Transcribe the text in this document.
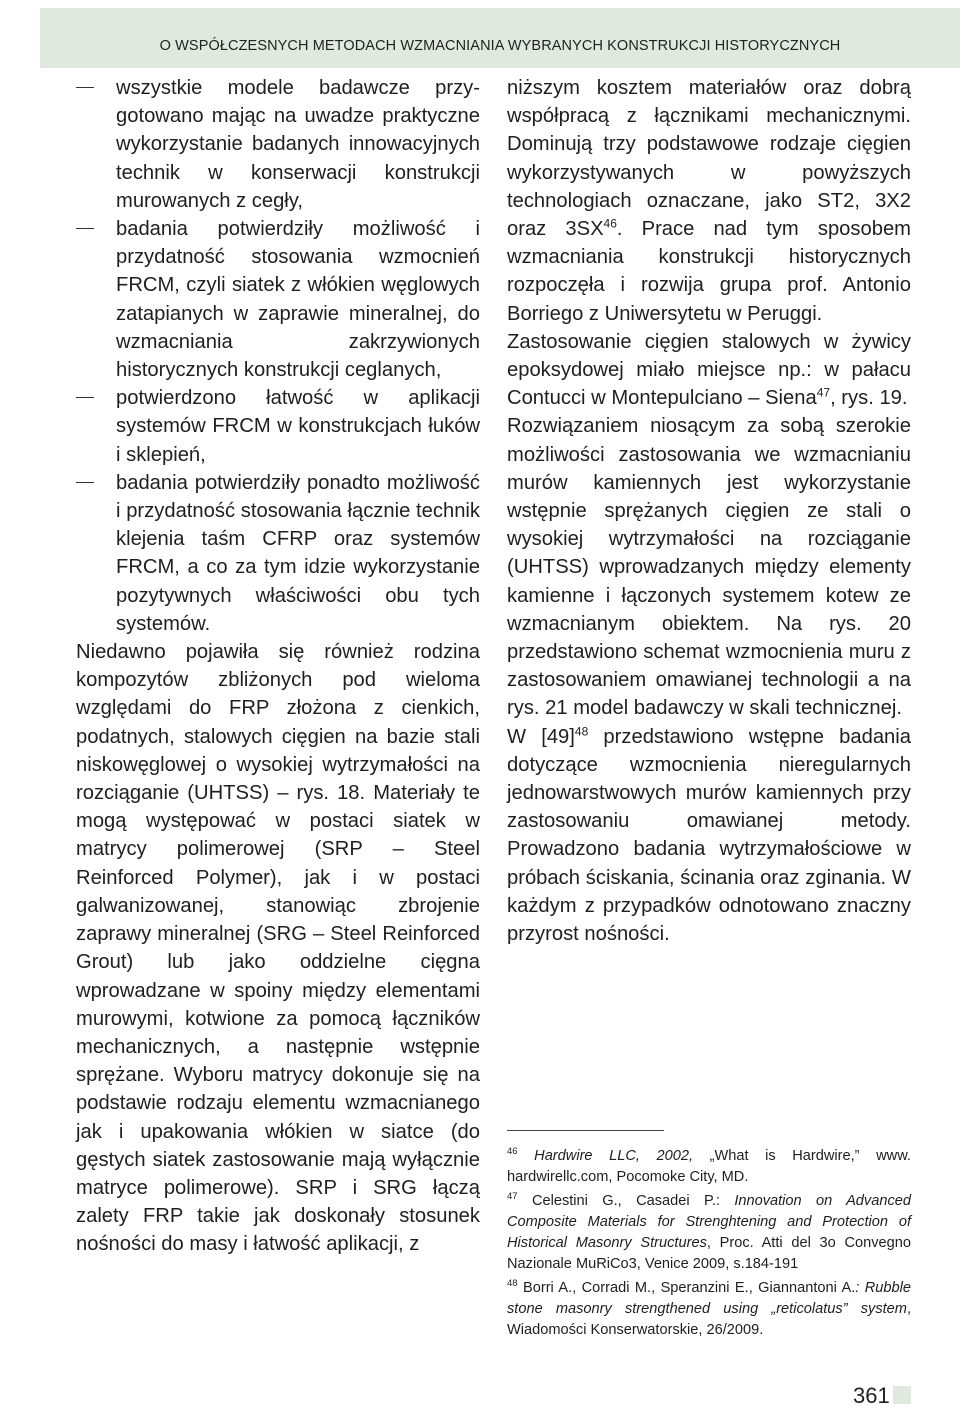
O WSPÓŁCZESNYCH METODACH WZMACNIANIA WYBRANYCH KONSTRUKCJI HISTORYCZNYCH
wszystkie modele badawcze przygotowano mając na uwadze praktyczne wykorzystanie badanych innowacyjnych technik w konserwacji konstrukcji murowanych z cegły,
badania potwierdziły możliwość i przydatność stosowania wzmocnień FRCM, czyli siatek z włókien węglowych zatapianych w zaprawie mineralnej, do wzmacniania zakrzywionych historycznych konstrukcji ceglanych,
potwierdzono łatwość w aplikacji systemów FRCM w konstrukcjach łuków i sklepień,
badania potwierdziły ponadto możliwość i przydatność stosowania łącznie technik klejenia taśm CFRP oraz systemów FRCM, a co za tym idzie wykorzystanie pozytywnych właściwości obu tych systemów.

Niedawno pojawiła się również rodzina kompozytów zbliżonych pod wieloma względami do FRP złożona z cienkich, podatnych, stalowych cięgien na bazie stali niskowęglowej o wysokiej wytrzymałości na rozciąganie (UHTSS) – rys. 18. Materiały te mogą występować w postaci siatek w matrycy polimerowej (SRP – Steel Reinforced Polymer), jak i w postaci galwanizowanej, stanowiąc zbrojenie zaprawy mineralnej (SRG – Steel Reinforced Grout) lub jako oddzielne cięgna wprowadzane w spoiny między elementami murowymi, kotwione za pomocą łączników mechanicznych, a następnie wstępnie sprężane. Wyboru matrycy dokonuje się na podstawie rodzaju elementu wzmacnianego jak i upakowania włókien w siatce (do gęstych siatek zastosowanie mają wyłącznie matryce polimerowe). SRP i SRG łączą zalety FRP takie jak doskonały stosunek nośności do masy i łatwość aplikacji, z

niższym kosztem materiałów oraz dobrą współpracą z łącznikami mechanicznymi. Dominują trzy podstawowe rodzaje cięgien wykorzystywanych w powyższych technologiach oznaczane, jako ST2, 3X2 oraz 3SX$^{46}$. Prace nad tym sposobem wzmacniania konstrukcji historycznych rozpoczęła i rozwija grupa prof. Antonio Borriego z Uniwersytetu w Peruggi.

Zastosowanie cięgien stalowych w żywicy epoksydowej miało miejsce np.: w pałacu Contucci w Montepulciano – Siena$^{47}$, rys. 19.

Rozwiązaniem niosącym za sobą szerokie możliwości zastosowania we wzmacnianiu murów kamiennych jest wykorzystanie wstępnie sprężanych cięgien ze stali o wysokiej wytrzymałości na rozciąganie (UHTSS) wprowadzanych między elementy kamienne i łączonych systemem kotew ze wzmacnianym obiektem. Na rys. 20 przedstawiono schemat wzmocnienia muru z zastosowaniem omawianej technologii a na rys. 21 model badawczy w skali technicznej.

W $[49]^{48}$ przedstawiono wstępne badania dotyczące wzmocnienia nieregularnych jednowarstwowych murów kamiennych przy zastosowaniu omawianej metody. Prowadzono badania wytrzymałościowe w próbach ściskania, ścinania oraz zginania. W każdym z przypadków odnotowano znaczny przyrost nośności.

$^{46}$ Hardwire LLC, 2002, „What is Hardwire,” www. hardwirellc.com, Pocomoke City, MD.

$^{47}$ Celestini G., Casadei P.: Innovation on Advanced Composite Materials for Strenghtening and Protection of Historical Masonry Structures, Proc. Atti del 3o Convegno Nazionale MuRiCo3, Venice 2009, s.184-191

$^{48}$ Borri A., Corradi M., Speranzini E., Giannantoni A.: Rubble stone masonry strengthened using „reticolatus” system, Wiadomości Konserwatorskie, 26/2009.

361
